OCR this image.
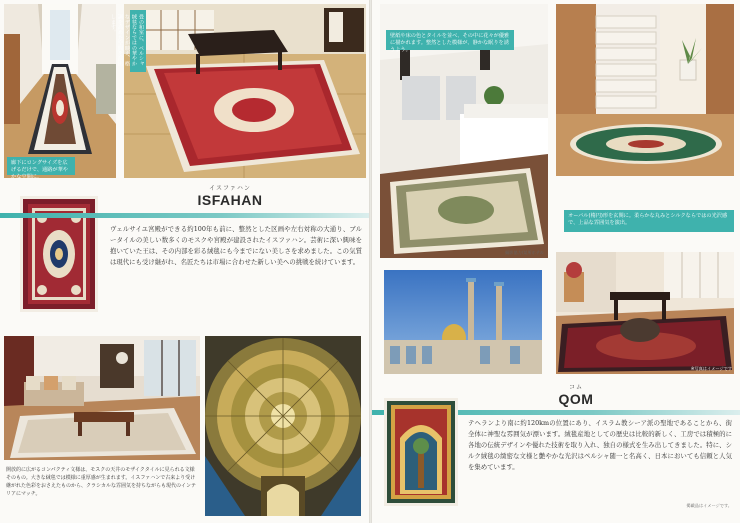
廊下にロングサイズを広げるだけで、通路が華やかな空間に。
畳の和室に、ペルシャ絨毯ならではの華やかなデザインが映え、格調を高めた空間を演出します。
イスファハン
ISFAHAN
ヴェルサイユ宮殿ができる約100年も前に、整然とした区画や左右対称の大通り、ブルータイルの美しい数多くのモスクや宮殿が建設されたイスファハン。芸術に深い興味を抱いていた王は、その内部を彩る絨毯にも今までにない美しさを求めました。この気質は現代にも受け継がれ、名匠たちは市場に合わせた新しい美への挑戦を続けています。
開放的に広がるコンパクティ文様は、モスクの天井のモザイクタイルに見られる文様そのもの。大きな絨毯では模様に重厚感が生まれます。イスファハンで古来より受け継がれた色彩をおさえたものから、クラシカルな雰囲気を持ちながらも現代のインテリアにマッチ。
壁紙や床の色とタイルを並べ、その中に花々が優雅に描かれます。整然とした模様が、静かな眠りを誘うよう。
撮影協力/某所ホテル
オーバル(楕円)形を玄関に。柔らかな丸みとシルクならではの光沢感で、上品な雰囲気を演出。
※写真はイメージです
コム
QOM
テヘランより南に約120kmの位置にあり、イスラム教シーア派の聖地であることから、街全体に神聖な雰囲気が漂います。絨毯産地としての歴史は比較的新しく、工房では積極的に各地の伝統デザインや優れた技術を取り入れ、独自の様式を生み出してきました。特に、シルク絨毯の緻密な文様と艶やかな光沢はペルシャ随一と名高く、日本においても信頼と人気を集めています。
掲載品はイメージです。
